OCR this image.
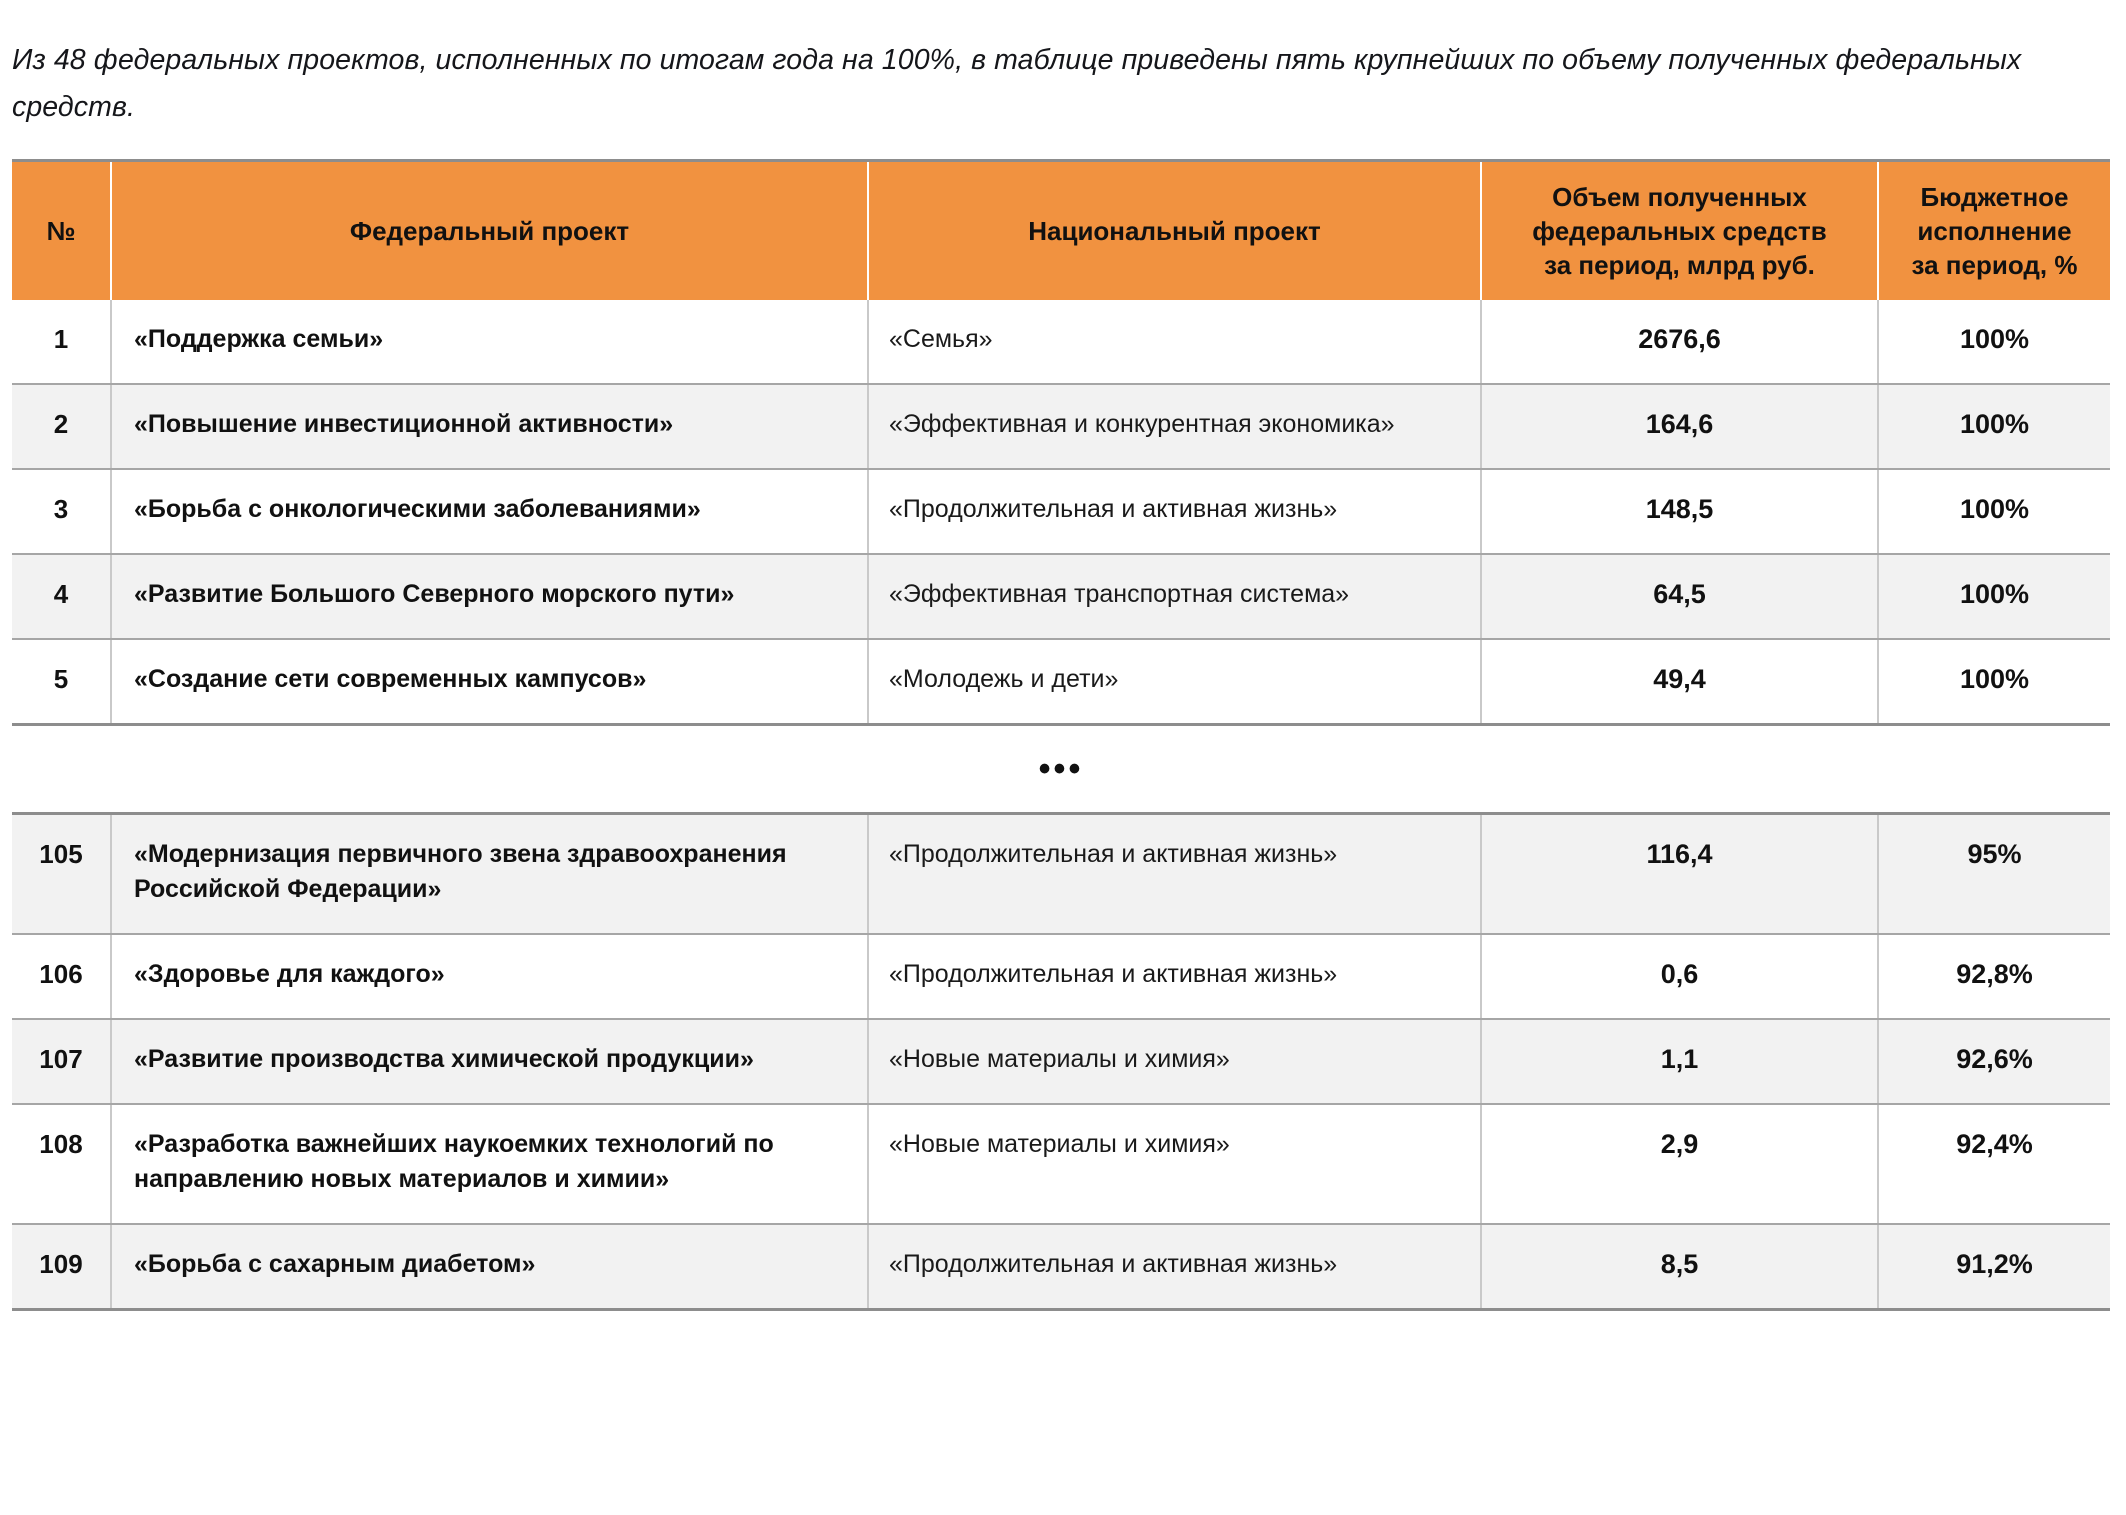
Из 48 федеральных проектов, исполненных по итогам года на 100%, в таблице приведены пять крупнейших по объему полученных федеральных средств.

№	Федеральный проект	Национальный проект	Объем полученных
федеральных средств
за период, млрд руб.	Бюджетное
исполнение
за период, %
1	«Поддержка семьи»	«Семья»	2676,6	100%
2	«Повышение инвестиционной активности»	«Эффективная и конкурентная экономика»	164,6	100%
3	«Борьба с онкологическими заболеваниями»	«Продолжительная и активная жизнь»	148,5	100%
4	«Развитие Большого Северного морского пути»	«Эффективная транспортная система»	64,5	100%
5	«Создание сети современных кампусов»	«Молодежь и дети»	49,4	100%
•••				
105	«Модернизация первичного звена здравоохранения Российской Федерации»	«Продолжительная и активная жизнь»	116,4	95%
106	«Здоровье для каждого»	«Продолжительная и активная жизнь»	0,6	92,8%
107	«Развитие производства химической продукции»	«Новые материалы и химия»	1,1	92,6%
108	«Разработка важнейших наукоемких технологий по направлению новых материалов и химии»	«Новые материалы и химия»	2,9	92,4%
109	«Борьба с сахарным диабетом»	«Продолжительная и активная жизнь»	8,5	91,2%
